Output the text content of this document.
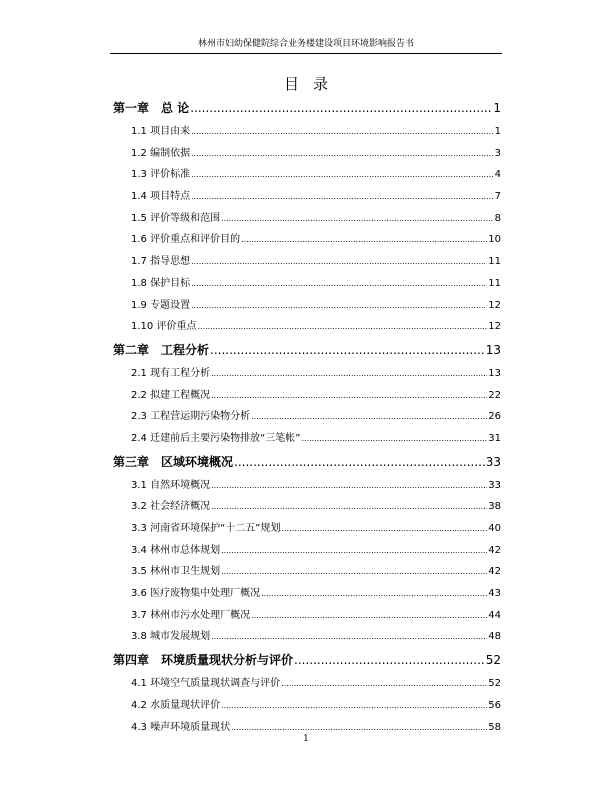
林州市妇幼保健院综合业务楼建设项目环境影响报告书
目录
第一章　总 论 .....	1
1.1 项目由来 .....	1
1.2 编制依据 .....	3
1.3 评价标准 .....	4
1.4 项目特点 .....	7
1.5 评价等级和范围 .....	8
1.6 评价重点和评价目的 .....	10
1.7 指导思想 .....	11
1.8 保护目标 .....	11
1.9 专题设置 .....	12
1.10 评价重点 .....	12
第二章　工程分析 .....	13
2.1 现有工程分析 .....	13
2.2 拟建工程概况 .....	22
2.3 工程营运期污染物分析 .....	26
2.4 迁建前后主要污染物排放“三笔帐” .....	31
第三章　区域环境概况 .....	33
3.1 自然环境概况 .....	33
3.2 社会经济概况 .....	38
3.3 河南省环境保护“十二五”规划 .....	40
3.4 林州市总体规划 .....	42
3.5 林州市卫生规划 .....	42
3.6 医疗废物集中处理厂概况 .....	43
3.7 林州市污水处理厂概况 .....	44
3.8 城市发展规划 .....	48
第四章　环境质量现状分析与评价 .....	52
4.1 环境空气质量现状调查与评价 .....	52
4.2 水质量现状评价 .....	56
4.3 噪声环境质量现状 .....	58
1
